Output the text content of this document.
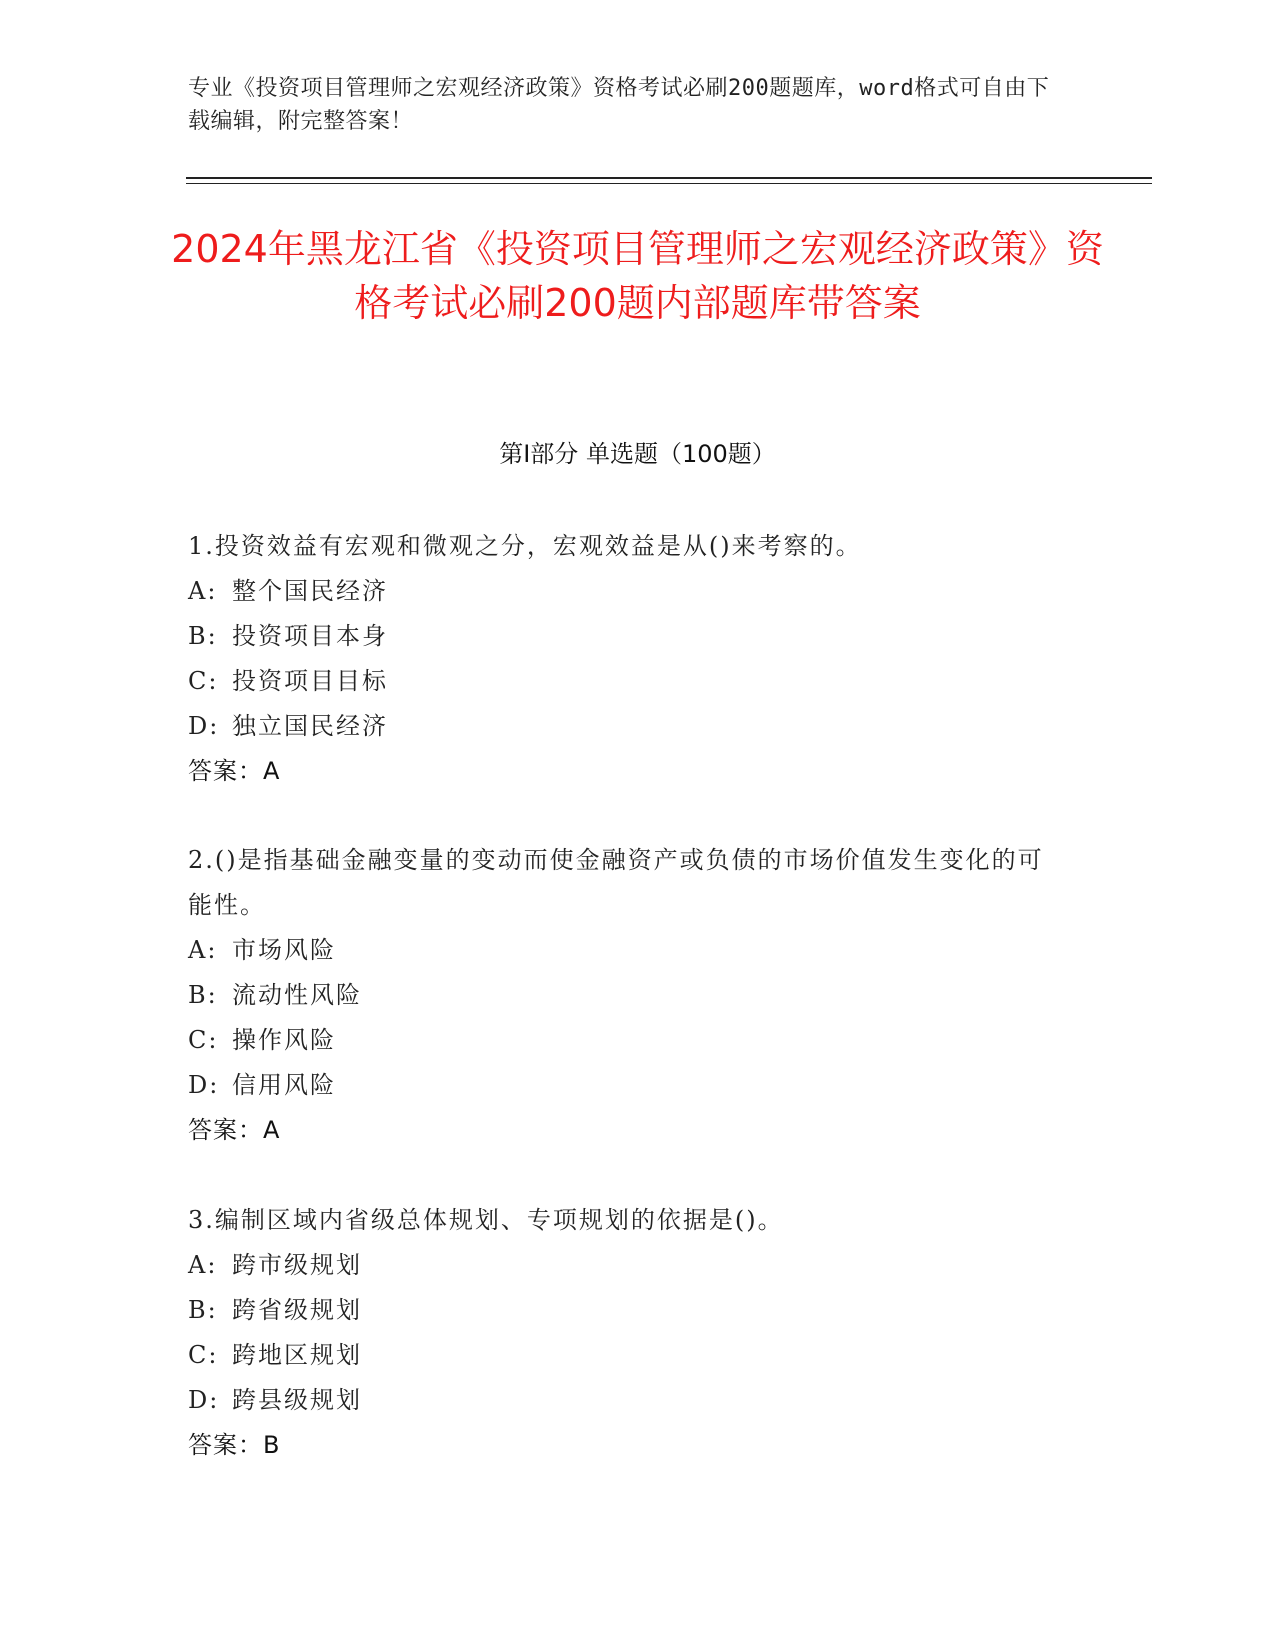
专业《投资项目管理师之宏观经济政策》资格考试必刷200题题库，word格式可自由下载编辑，附完整答案！
2024年黑龙江省《投资项目管理师之宏观经济政策》资格考试必刷200题内部题库带答案
第I部分 单选题（100题）
1.投资效益有宏观和微观之分，宏观效益是从()来考察的。
A: 整个国民经济
B: 投资项目本身
C: 投资项目目标
D: 独立国民经济
答案：A
2.()是指基础金融变量的变动而使金融资产或负债的市场价值发生变化的可能性。
A: 市场风险
B: 流动性风险
C: 操作风险
D: 信用风险
答案：A
3.编制区域内省级总体规划、专项规划的依据是()。
A: 跨市级规划
B: 跨省级规划
C: 跨地区规划
D: 跨县级规划
答案：B
